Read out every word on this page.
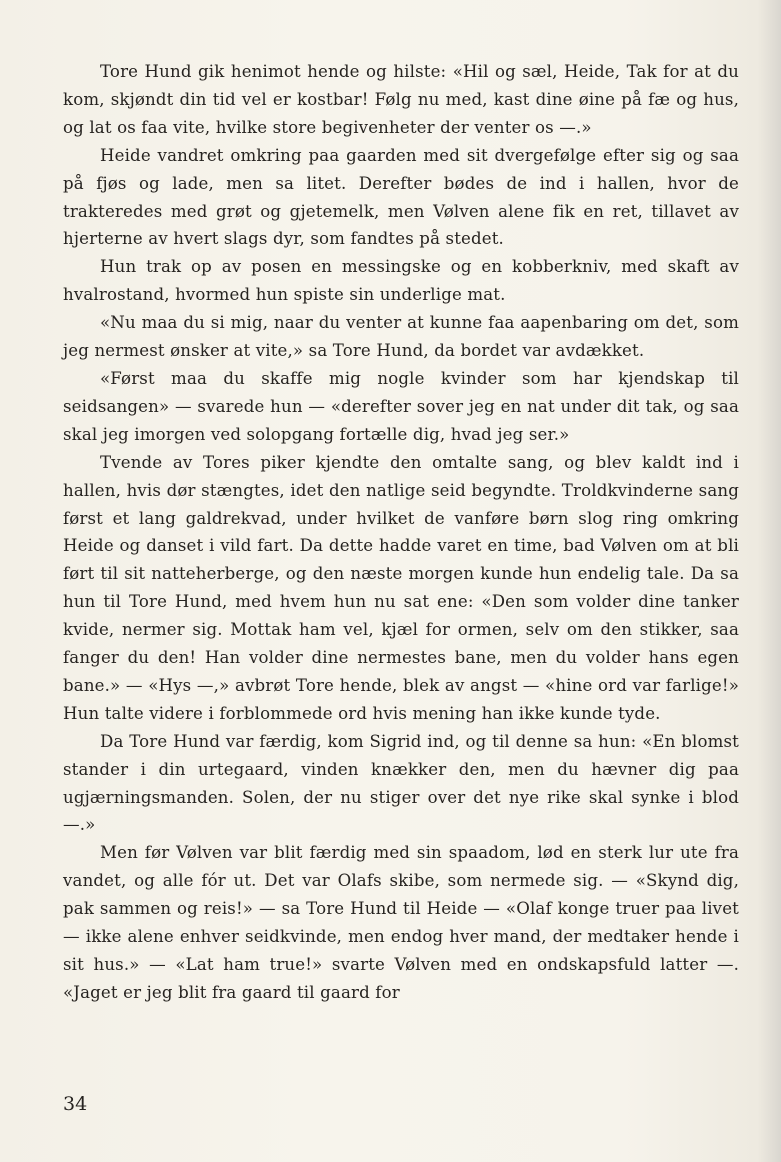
Tore Hund gik henimot hende og hilste: «Hil og sæl, Heide, Tak for at du kom, skjøndt din tid vel er kostbar! Følg nu med, kast dine øine på fæ og hus, og lat os faa vite, hvilke store begivenheter der venter os —.»

Heide vandret omkring paa gaarden med sit dvergefølge efter sig og saa på fjøs og lade, men sa litet. Derefter bødes de ind i hallen, hvor de trakteredes med grøt og gjetemelk, men Vølven alene fik en ret, tillavet av hjerterne av hvert slags dyr, som fandtes på stedet.

Hun trak op av posen en messingske og en kobberkniv, med skaft av hvalrostand, hvormed hun spiste sin underlige mat.

«Nu maa du si mig, naar du venter at kunne faa aapenbaring om det, som jeg nermest ønsker at vite,» sa Tore Hund, da bordet var avdækket.

«Først maa du skaffe mig nogle kvinder som har kjendskap til seidsangen» — svarede hun — «derefter sover jeg en nat under dit tak, og saa skal jeg imorgen ved solopgang fortælle dig, hvad jeg ser.»

Tvende av Tores piker kjendte den omtalte sang, og blev kaldt ind i hallen, hvis dør stængtes, idet den natlige seid begyndte. Troldkvinderne sang først et lang galdrekvad, under hvilket de vanføre børn slog ring omkring Heide og danset i vild fart. Da dette hadde varet en time, bad Vølven om at bli ført til sit natteherberge, og den næste morgen kunde hun endelig tale. Da sa hun til Tore Hund, med hvem hun nu sat ene: «Den som volder dine tanker kvide, nermer sig. Mottak ham vel, kjæl for ormen, selv om den stikker, saa fanger du den! Han volder dine nermestes bane, men du volder hans egen bane.» — «Hys —,» avbrøt Tore hende, blek av angst — «hine ord var farlige!» Hun talte videre i forblommede ord hvis mening han ikke kunde tyde.

Da Tore Hund var færdig, kom Sigrid ind, og til denne sa hun: «En blomst stander i din urtegaard, vinden knækker den, men du hævner dig paa ugjærningsmanden. Solen, der nu stiger over det nye rike skal synke i blod —.»

Men før Vølven var blit færdig med sin spaadom, lød en sterk lur ute fra vandet, og alle fór ut. Det var Olafs skibe, som nermede sig. — «Skynd dig, pak sammen og reis!» — sa Tore Hund til Heide — «Olaf konge truer paa livet — ikke alene enhver seidkvinde, men endog hver mand, der medtaker hende i sit hus.» — «Lat ham true!» svarte Vølven med en ondskapsfuld latter —. «Jaget er jeg blit fra gaard til gaard for

34
